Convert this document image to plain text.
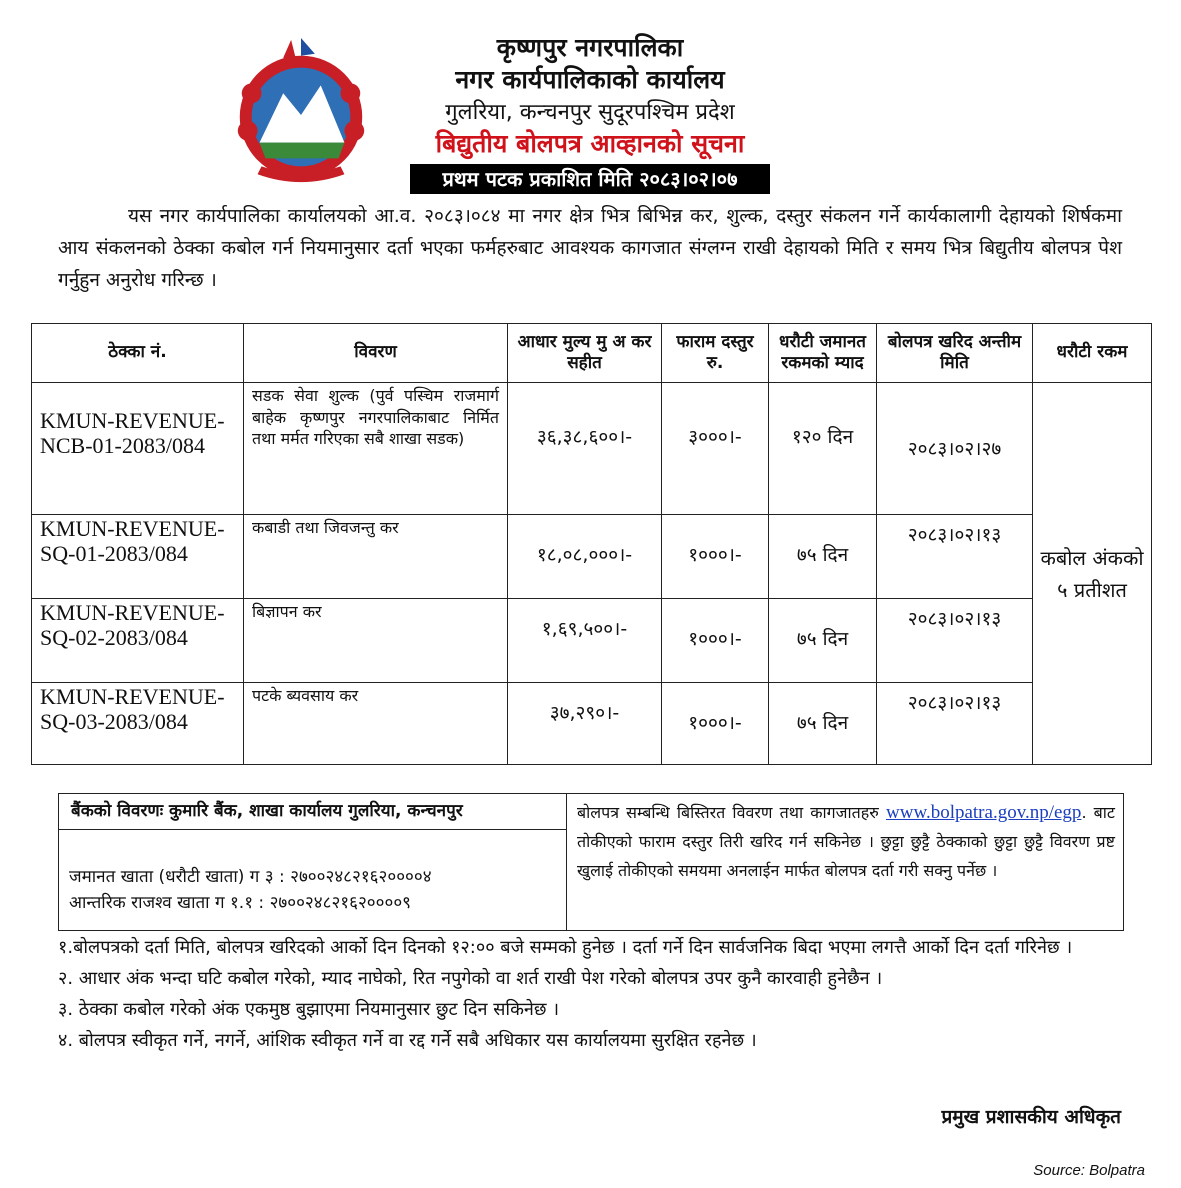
कृष्णपुर नगरपालिका
नगर कार्यपालिकाको कार्यालय
गुलरिया, कन्चनपुर सुदूरपश्चिम प्रदेश
बिद्युतीय बोलपत्र आव्हानको सूचना
प्रथम पटक प्रकाशित मिति २०८३।०२।०७

यस नगर कार्यपालिका कार्यालयको आ.व. २०८३।०८४ मा नगर क्षेत्र भित्र बिभिन्न कर, शुल्क, दस्तुर संकलन गर्ने कार्यकालागी देहायको शिर्षकमा आय संकलनको ठेक्का कबोल गर्न नियमानुसार दर्ता भएका फर्महरुबाट आवश्यक कागजात संग्लग्न राखी देहायको मिति र समय भित्र बिद्युतीय बोलपत्र पेश गर्नुहुन अनुरोध गरिन्छ ।

ठेक्का नं.	विवरण	आधार मुल्य मु अ कर सहीत	फाराम दस्तुर रु.	धरौटी जमानत रकमको म्याद	बोलपत्र खरिद अन्तीम मिति	धरौटी रकम
KMUN-REVENUE-NCB-01-2083/084	सडक सेवा शुल्क (पुर्व पस्चिम राजमार्ग बाहेक कृष्णपुर नगरपालिकाबाट निर्मित तथा मर्मत गरिएका सबै शाखा सडक)	३६,३८,६००।-	३०००।-	१२० दिन	२०८३।०२।२७	कबोल अंकको ५ प्रतीशत
KMUN-REVENUE-SQ-01-2083/084	कबाडी तथा जिवजन्तु कर	१८,०८,०००।-	१०००।-	७५ दिन	२०८३।०२।१३	
KMUN-REVENUE-SQ-02-2083/084	बिज्ञापन कर	१,६९,५००।-	१०००।-	७५ दिन	२०८३।०२।१३	
KMUN-REVENUE-SQ-03-2083/084	पटके ब्यवसाय कर	३७,२९०।-	१०००।-	७५ दिन	२०८३।०२।१३	
बैंकको विवरणः कुमारि बैंक, शाखा कार्यालय गुलरिया, कन्चनपुर
जमानत खाता (धरौटी खाता) ग ३ : २७००२४८२१६२००००४
आन्तरिक राजश्व खाता ग १.१ : २७००२४८२१६२००००९
बोलपत्र सम्बन्धि बिस्तिरत विवरण तथा कागजातहरु www.bolpatra.gov.np/egp. बाट तोकीएको फाराम दस्तुर तिरी खरिद गर्न सकिनेछ । छुट्टा छुट्टै ठेक्काको छुट्टा छुट्टै विवरण प्रष्ट खुलाई तोकीएको समयमा अनलाईन मार्फत बोलपत्र दर्ता गरी सक्नु पर्नेछ ।

१.बोलपत्रको दर्ता मिति, बोलपत्र खरिदको आर्को दिन दिनको १२:०० बजे सम्मको हुनेछ । दर्ता गर्ने दिन सार्वजनिक बिदा भएमा लगत्तै आर्को दिन दर्ता गरिनेछ ।

२. आधार अंक भन्दा घटि कबोल गरेको, म्याद नाघेको, रित नपुगेको वा शर्त राखी पेश गरेको बोलपत्र उपर कुनै कारवाही हुनेछैन ।

३. ठेक्का कबोल गरेको अंक एकमुष्ठ बुझाएमा नियमानुसार छुट दिन सकिनेछ ।

४. बोलपत्र स्वीकृत गर्ने, नगर्ने, आंशिक स्वीकृत गर्ने वा रद्द गर्ने सबै अधिकार यस कार्यालयमा सुरक्षित रहनेछ ।

प्रमुख प्रशासकीय अधिकृत
Source: Bolpatra
